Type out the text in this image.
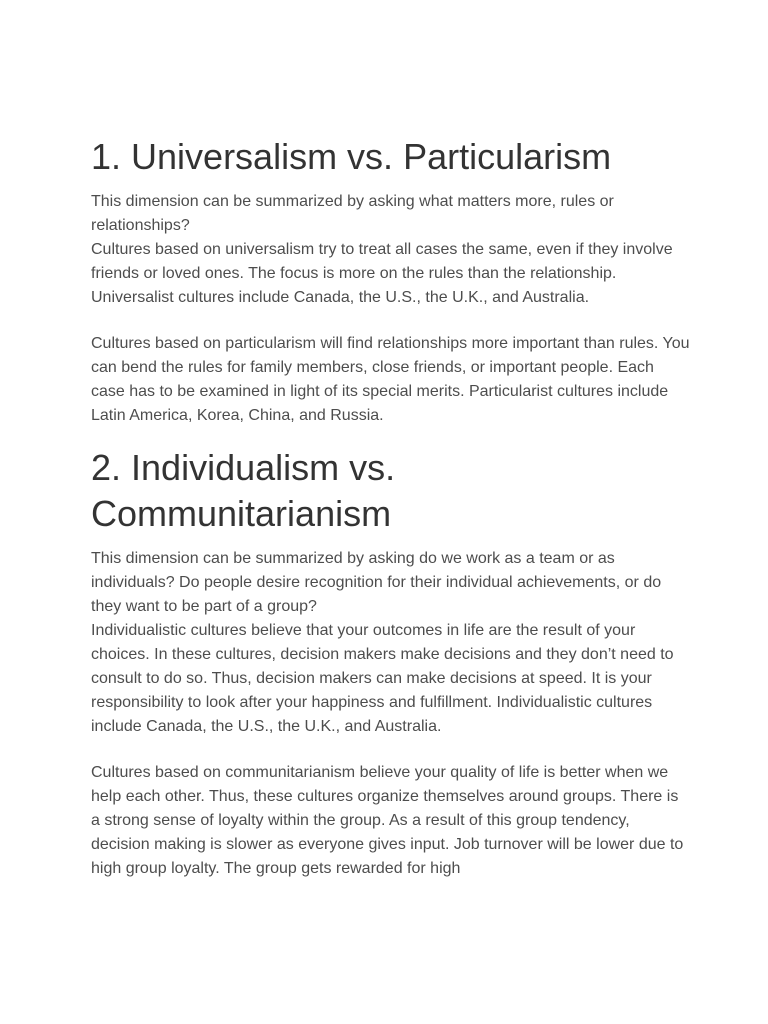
1. Universalism vs. Particularism

This dimension can be summarized by asking what matters more, rules or relationships?

Cultures based on universalism try to treat all cases the same, even if they involve friends or loved ones. The focus is more on the rules than the relationship. Universalist cultures include Canada, the U.S., the U.K., and Australia.

Cultures based on particularism will find relationships more important than rules. You can bend the rules for family members, close friends, or important people. Each case has to be examined in light of its special merits. Particularist cultures include Latin America, Korea, China, and Russia.

2. Individualism vs. Communitarianism

This dimension can be summarized by asking do we work as a team or as individuals? Do people desire recognition for their individual achievements, or do they want to be part of a group?

Individualistic cultures believe that your outcomes in life are the result of your choices. In these cultures, decision makers make decisions and they don’t need to consult to do so. Thus, decision makers can make decisions at speed. It is your responsibility to look after your happiness and fulfillment. Individualistic cultures include Canada, the U.S., the U.K., and Australia.

Cultures based on communitarianism believe your quality of life is better when we help each other. Thus, these cultures organize themselves around groups. There is a strong sense of loyalty within the group. As a result of this group tendency, decision making is slower as everyone gives input. Job turnover will be lower due to high group loyalty. The group gets rewarded for high
